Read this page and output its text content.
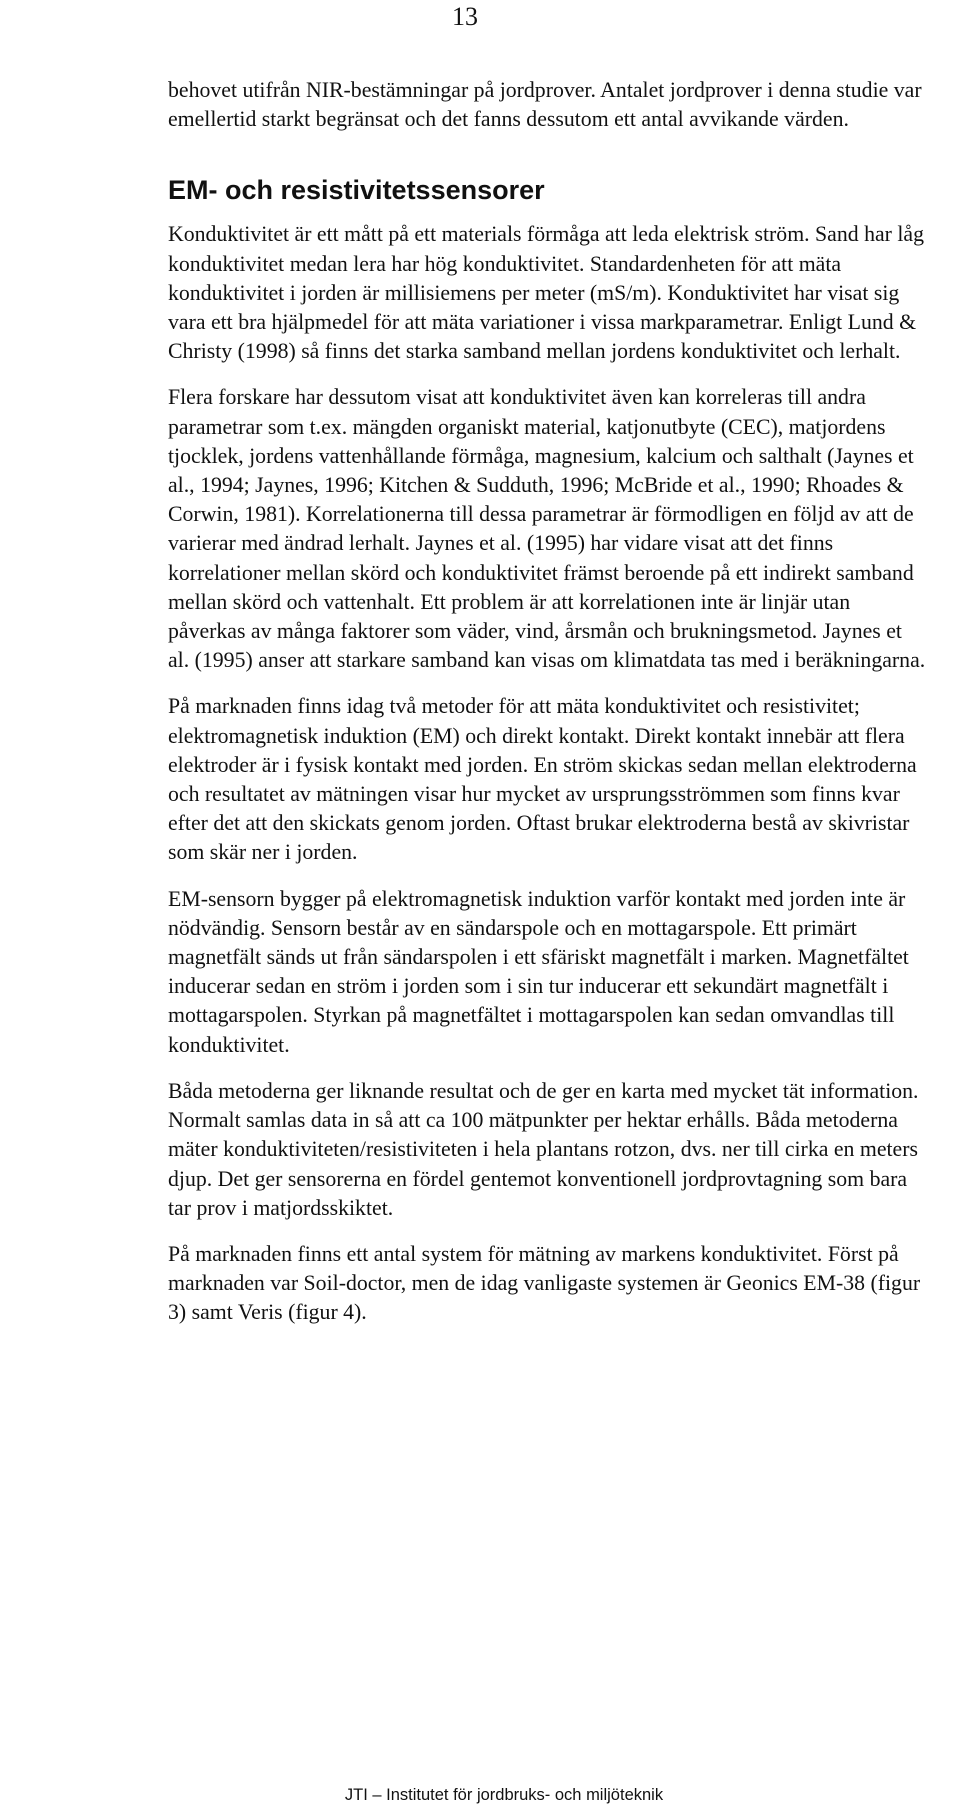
13

behovet utifrån NIR-bestämningar på jordprover. Antalet jordprover i denna studie var emellertid starkt begränsat och det fanns dessutom ett antal avvikande värden.

EM- och resistivitetssensorer

Konduktivitet är ett mått på ett materials förmåga att leda elektrisk ström. Sand har låg konduktivitet medan lera har hög konduktivitet. Standardenheten för att mäta konduktivitet i jorden är millisiemens per meter (mS/m). Konduktivitet har visat sig vara ett bra hjälpmedel för att mäta variationer i vissa markparametrar. Enligt Lund & Christy (1998) så finns det starka samband mellan jordens konduktivitet och lerhalt.

Flera forskare har dessutom visat att konduktivitet även kan korreleras till andra parametrar som t.ex. mängden organiskt material, katjonutbyte (CEC), matjordens tjocklek, jordens vattenhållande förmåga, magnesium, kalcium och salthalt (Jaynes et al., 1994; Jaynes, 1996; Kitchen & Sudduth, 1996; McBride et al., 1990; Rhoades & Corwin, 1981). Korrelationerna till dessa parametrar är förmodligen en följd av att de varierar med ändrad lerhalt. Jaynes et al. (1995) har vidare visat att det finns korrelationer mellan skörd och konduktivitet främst beroende på ett indirekt samband mellan skörd och vattenhalt. Ett problem är att korrelationen inte är linjär utan påverkas av många faktorer som väder, vind, årsmån och brukningsmetod. Jaynes et al. (1995) anser att starkare samband kan visas om klimatdata tas med i beräkningarna.

På marknaden finns idag två metoder för att mäta konduktivitet och resistivitet; elektromagnetisk induktion (EM) och direkt kontakt. Direkt kontakt innebär att flera elektroder är i fysisk kontakt med jorden. En ström skickas sedan mellan elektroderna och resultatet av mätningen visar hur mycket av ursprungsströmmen som finns kvar efter det att den skickats genom jorden. Oftast brukar elektroderna bestå av skivristar som skär ner i jorden.

EM-sensorn bygger på elektromagnetisk induktion varför kontakt med jorden inte är nödvändig. Sensorn består av en sändarspole och en mottagarspole. Ett primärt magnetfält sänds ut från sändarspolen i ett sfäriskt magnetfält i marken. Magnetfältet inducerar sedan en ström i jorden som i sin tur inducerar ett sekundärt magnetfält i mottagarspolen. Styrkan på magnetfältet i mottagarspolen kan sedan omvandlas till konduktivitet.

Båda metoderna ger liknande resultat och de ger en karta med mycket tät information. Normalt samlas data in så att ca 100 mätpunkter per hektar erhålls. Båda metoderna mäter konduktiviteten/resistiviteten i hela plantans rotzon, dvs. ner till cirka en meters djup. Det ger sensorerna en fördel gentemot konventionell jordprovtagning som bara tar prov i matjordsskiktet.

På marknaden finns ett antal system för mätning av markens konduktivitet. Först på marknaden var Soil-doctor, men de idag vanligaste systemen är Geonics EM-38 (figur 3) samt Veris (figur 4).

JTI – Institutet för jordbruks- och miljöteknik
